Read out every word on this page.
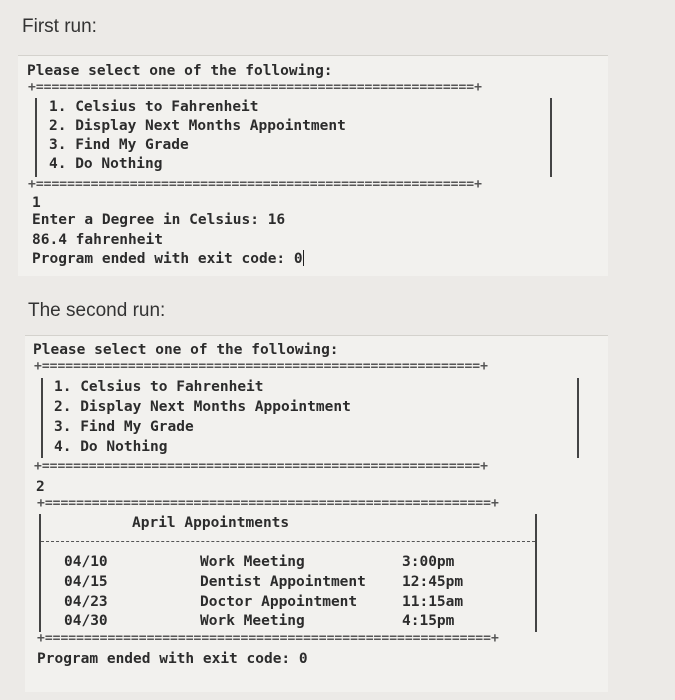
First run:
Please select one of the following:
+========================================================+
1. Celsius to Fahrenheit
2. Display Next Months Appointment
3. Find My Grade
4. Do Nothing
+========================================================+
1
Enter a Degree in Celsius: 16
86.4 fahrenheit
Program ended with exit code: 0
The second run:
Please select one of the following:
+========================================================+
1. Celsius to Fahrenheit
2. Display Next Months Appointment
3. Find My Grade
4. Do Nothing
+========================================================+
2
+=========================================================+
April Appointments
04/10	Work Meeting	3:00pm
04/15	Dentist Appointment 12:45pm
04/23	Doctor Appointment	11:15am
04/30	Work Meeting	4:15pm
+=========================================================+
Program ended with exit code: 0
